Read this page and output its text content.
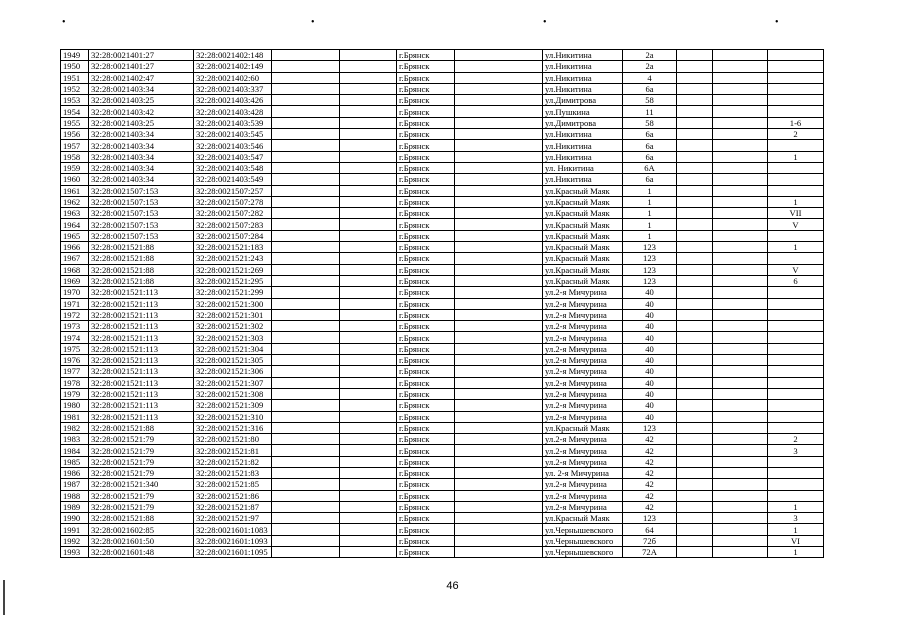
•	•	•	•
1949	32:28:0021401:27	32:28:0021402:148			г.Брянск		ул.Никитина	2а			
1950	32:28:0021401:27	32:28:0021402:149			г.Брянск		ул.Никитина	2а			
1951	32:28:0021402:47	32:28:0021402:60			г.Брянск		ул.Никитина	4			
1952	32:28:0021403:34	32:28:0021403:337			г.Брянск		ул.Никитина	6а			
1953	32:28:0021403:25	32:28:0021403:426			г.Брянск		ул.Димитрова	58			
1954	32:28:0021403:42	32:28:0021403:428			г.Брянск		ул.Пушкина	11			
1955	32:28:0021403:25	32:28:0021403:539			г.Брянск		ул.Димитрова	58			1-6
1956	32:28:0021403:34	32:28:0021403:545			г.Брянск		ул.Никитина	6а			2
1957	32:28:0021403:34	32:28:0021403:546			г.Брянск		ул.Никитина	6а			
1958	32:28:0021403:34	32:28:0021403:547			г.Брянск		ул.Никитина	6а			1
1959	32:28:0021403:34	32:28:0021403:548			г.Брянск		ул. Никитина	6А			
1960	32:28:0021403:34	32:28:0021403:549			г.Брянск		ул.Никитина	6а			
1961	32:28:0021507:153	32:28:0021507:257			г.Брянск		ул.Красный Маяк	1			
1962	32:28:0021507:153	32:28:0021507:278			г.Брянск		ул.Красный Маяк	1			1
1963	32:28:0021507:153	32:28:0021507:282			г.Брянск		ул.Красный Маяк	1			VII
1964	32:28:0021507:153	32:28:0021507:283			г.Брянск		ул.Красный Маяк	1			V
1965	32:28:0021507:153	32:28:0021507:284			г.Брянск		ул.Красный Маяк	1			
1966	32:28:0021521:88	32:28:0021521:183			г.Брянск		ул.Красный Маяк	123			1
1967	32:28:0021521:88	32:28:0021521:243			г.Брянск		ул.Красный Маяк	123			
1968	32:28:0021521:88	32:28:0021521:269			г.Брянск		ул.Красный Маяк	123			V
1969	32:28:0021521:88	32:28:0021521:295			г.Брянск		ул.Красный Маяк	123			6
1970	32:28:0021521:113	32:28:0021521:299			г.Брянск		ул.2-я Мичурина	40			
1971	32:28:0021521:113	32:28:0021521:300			г.Брянск		ул.2-я Мичурина	40			
1972	32:28:0021521:113	32:28:0021521:301			г.Брянск		ул.2-я Мичурина	40			
1973	32:28:0021521:113	32:28:0021521:302			г.Брянск		ул.2-я Мичурина	40			
1974	32:28:0021521:113	32:28:0021521:303			г.Брянск		ул.2-я Мичурина	40			
1975	32:28:0021521:113	32:28:0021521:304			г.Брянск		ул.2-я Мичурина	40			
1976	32:28:0021521:113	32:28:0021521:305			г.Брянск		ул.2-я Мичурина	40			
1977	32:28:0021521:113	32:28:0021521:306			г.Брянск		ул.2-я Мичурина	40			
1978	32:28:0021521:113	32:28:0021521:307			г.Брянск		ул.2-я Мичурина	40			
1979	32:28:0021521:113	32:28:0021521:308			г.Брянск		ул.2-я Мичурина	40			
1980	32:28:0021521:113	32:28:0021521:309			г.Брянск		ул.2-я Мичурина	40			
1981	32:28:0021521:113	32:28:0021521:310			г.Брянск		ул.2-я Мичурина	40			
1982	32:28:0021521:88	32:28:0021521:316			г.Брянск		ул.Красный Маяк	123			
1983	32:28:0021521:79	32:28:0021521:80			г.Брянск		ул.2-я Мичурина	42			2
1984	32:28:0021521:79	32:28:0021521:81			г.Брянск		ул.2-я Мичурина	42			3
1985	32:28:0021521:79	32:28:0021521:82			г.Брянск		ул.2-я Мичурина	42			
1986	32:28:0021521:79	32:28:0021521:83			г.Брянск		ул. 2-я Мичурина	42			
1987	32:28:0021521:340	32:28:0021521:85			г.Брянск		ул.2-я Мичурина	42			
1988	32:28:0021521:79	32:28:0021521:86			г.Брянск		ул.2-я Мичурина	42			
1989	32:28:0021521:79	32:28:0021521:87			г.Брянск		ул.2-я Мичурина	42			1
1990	32:28:0021521:88	32:28:0021521:97			г.Брянск		ул.Красный Маяк	123			3
1991	32:28:0021602:85	32:28:0021601:1083			г.Брянск		ул.Чернышевского	64			1
1992	32:28:0021601:50	32:28:0021601:1093			г.Брянск		ул.Чернышевского	72б			VI
1993	32:28:0021601:48	32:28:0021601:1095			г.Брянск		ул.Чернышевского	72А			1
46
